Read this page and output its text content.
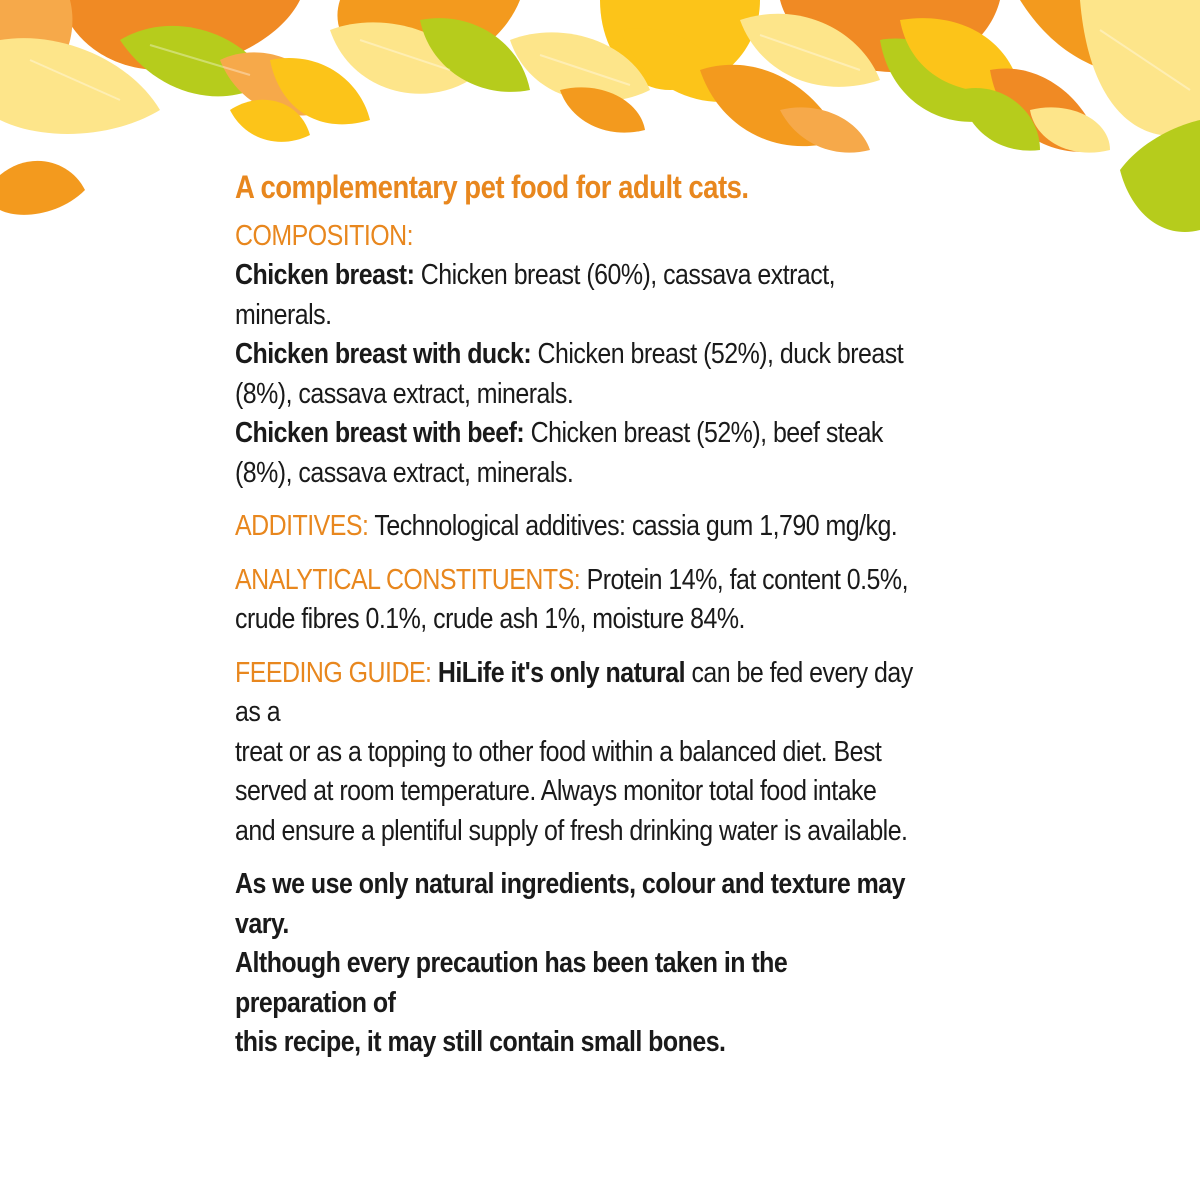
A complementary pet food for adult cats.

COMPOSITION:

Chicken breast: Chicken breast (60%), cassava extract, minerals.

Chicken breast with duck: Chicken breast (52%), duck breast (8%), cassava extract, minerals.

Chicken breast with beef: Chicken breast (52%), beef steak (8%), cassava extract, minerals.

ADDITIVES: Technological additives: cassia gum 1,790 mg/kg.

ANALYTICAL CONSTITUENTS: Protein 14%, fat content 0.5%,
crude fibres 0.1%, crude ash 1%, moisture 84%.

FEEDING GUIDE: HiLife it's only natural can be fed every day as a
treat or as a topping to other food within a balanced diet. Best
served at room temperature. Always monitor total food intake
and ensure a plentiful supply of fresh drinking water is available.

As we use only natural ingredients, colour and texture may vary.
Although every precaution has been taken in the preparation of
this recipe, it may still contain small bones.
